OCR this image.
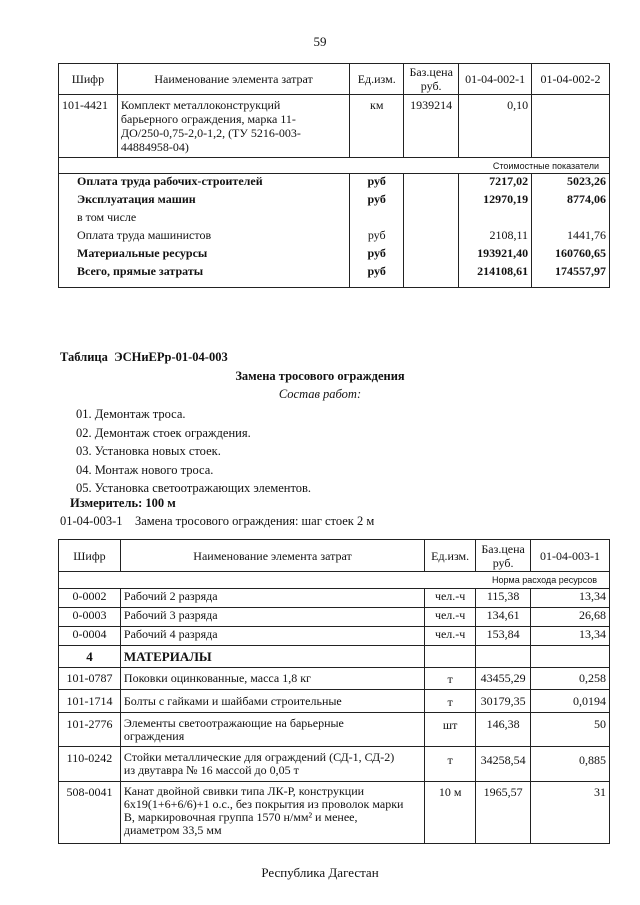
59
Шифр	Наименование элемента затрат	Ед.изм.	Баз.цена руб.	01-04-002-1	01-04-002-2
101-4421	Комплект металлоконструкций
барьерного ограждения, марка 11-
ДО/250-0,75-2,0-1,2, (ТУ 5216-003-
44884958-04)	км	1939214	0,10	
Стоимостные показатели					
Оплата труда рабочих-строителей		руб		7217,02	5023,26
Эксплуатация машин		руб		12970,19	8774,06
в том числе					
Оплата труда машинистов		руб		2108,11	1441,76
Материальные ресурсы		руб		193921,40	160760,65
Всего, прямые затраты		руб		214108,61	174557,97
Таблица  ЭСНиЕРр-01-04-003
Замена тросового ограждения
Состав работ:
01. Демонтаж троса.
02. Демонтаж стоек ограждения.
03. Установка новых стоек.
04. Монтаж нового троса.
05. Установка светоотражающих элементов.
Измеритель: 100 м
01-04-003-1    Замена тросового ограждения: шаг стоек 2 м
Шифр	Наименование элемента затрат	Ед.изм.	Баз.цена руб.	01-04-003-1
Норма расхода ресурсов				
0-0002	Рабочий 2 разряда	чел.-ч	115,38	13,34
0-0003	Рабочий 3 разряда	чел.-ч	134,61	26,68
0-0004	Рабочий 4 разряда	чел.-ч	153,84	13,34
4	МАТЕРИАЛЫ			
101-0787	Поковки оцинкованные, масса 1,8 кг	т	43455,29	0,258
101-1714	Болты с гайками и шайбами строительные	т	30179,35	0,0194
101-2776	Элементы светоотражающие на барьерные
ограждения	шт	146,38	50
110-0242	Стойки металлические для ограждений (СД-1, СД-2)
из двутавра № 16 массой до 0,05 т	т	34258,54	0,885
508-0041	Канат двойной свивки типа ЛК-Р, конструкции
6х19(1+6+6/6)+1 о.с., без покрытия из проволок марки
В, маркировочная группа 1570 н/мм² и менее,
диаметром 33,5 мм	10 м	1965,57	31
Республика Дагестан
